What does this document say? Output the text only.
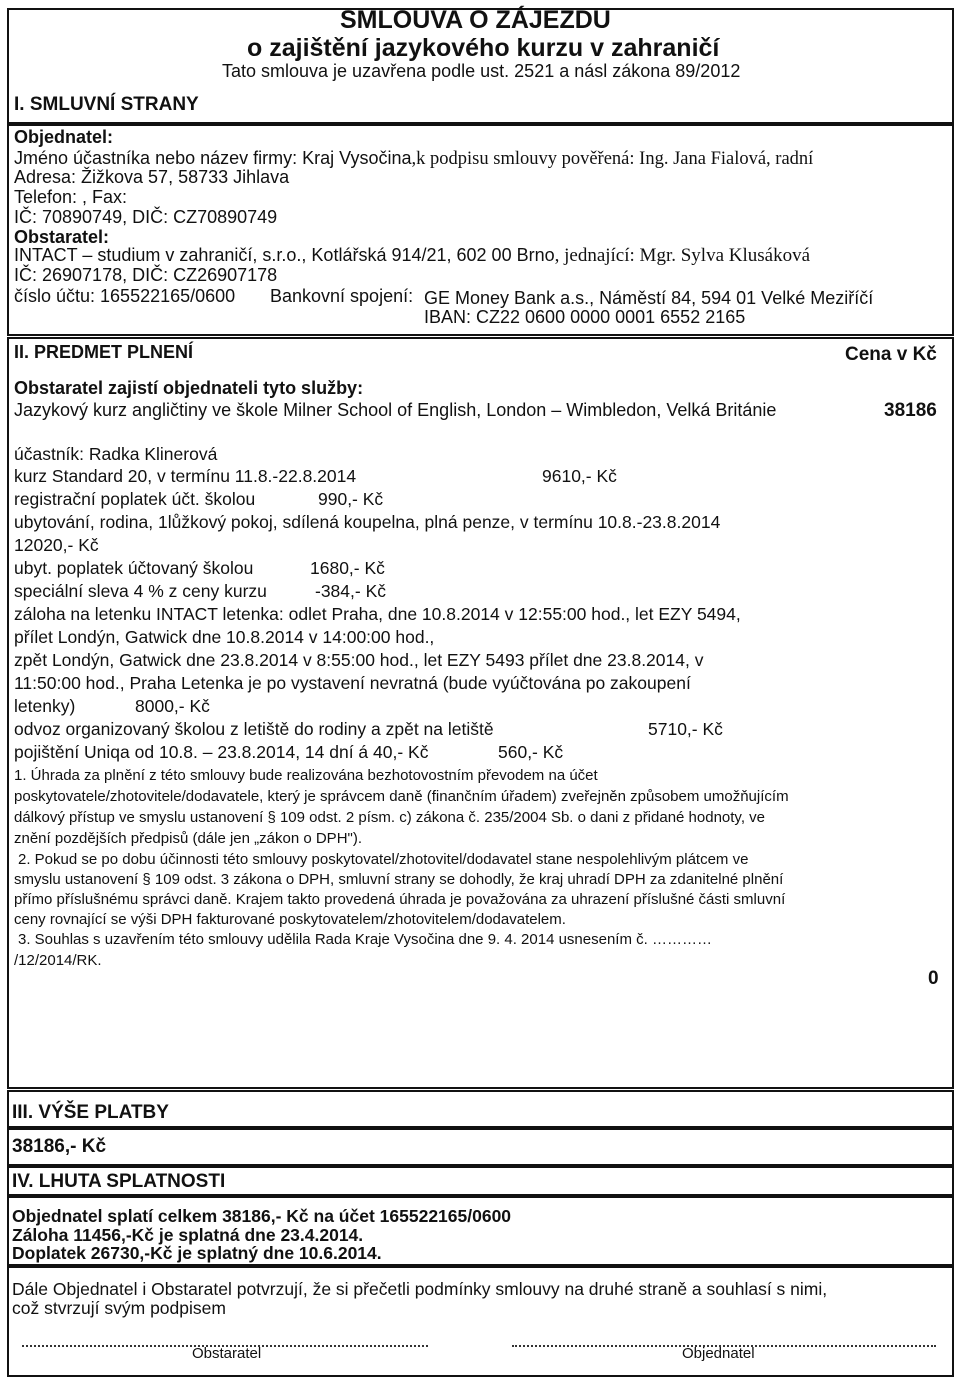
SMLOUVA O ZÁJEZDU
o zajištění jazykového kurzu v zahraničí
Tato smlouva je uzavřena podle ust. 2521 a násl zákona 89/2012
I. SMLUVNÍ STRANY
Objednatel:
Jméno účastníka nebo název firmy: Kraj Vysočina,k podpisu smlouvy pověřená: Ing. Jana Fialová, radní
Adresa: Žižkova 57, 58733 Jihlava
Telefon: , Fax:
IČ: 70890749, DIČ: CZ70890749
Obstaratel:
INTACT – studium v zahraničí, s.r.o., Kotlářská 914/21, 602 00 Brno, jednající: Mgr. Sylva Klusáková
IČ: 26907178, DIČ: CZ26907178
číslo účtu: 165522165/0600 Bankovní spojení: GE Money Bank a.s., Náměstí 84, 594 01 Velké Meziříčí
IBAN: CZ22 0600 0000 0001 6552 2165
II. PREDMET PLNENÍ	Cena v Kč
Obstaratel zajistí objednateli tyto služby:
Jazykový kurz angličtiny ve škole Milner School of English, London – Wimbledon, Velká Británie	38186
účastník: Radka Klinerová
kurz Standard 20, v termínu 11.8.-22.8.2014	9610,- Kč
registrační poplatek účt. školou	990,- Kč
ubytování, rodina, 1lůžkový pokoj, sdílená koupelna, plná penze, v termínu 10.8.-23.8.2014
12020,- Kč
ubyt. poplatek účtovaný školou	1680,- Kč
speciální sleva 4 % z ceny kurzu	-384,- Kč
záloha na letenku INTACT letenka: odlet Praha, dne 10.8.2014 v 12:55:00 hod., let EZY 5494,
přílet Londýn, Gatwick dne 10.8.2014 v 14:00:00 hod.,
zpět Londýn, Gatwick dne 23.8.2014 v 8:55:00 hod., let EZY 5493 přílet dne 23.8.2014, v
11:50:00 hod., Praha Letenka je po vystavení nevratná (bude vyúčtována po zakoupení
letenky)	8000,- Kč
odvoz organizovaný školou z letiště do rodiny a zpět na letiště	5710,- Kč
pojištění Uniqa od 10.8. – 23.8.2014, 14 dní á 40,- Kč	560,- Kč
1. Úhrada za plnění z této smlouvy bude realizována bezhotovostním převodem na účet
poskytovatele/zhotovitele/dodavatele, který je správcem daně (finančním úřadem) zveřejněn způsobem umožňujícím
dálkový přístup ve smyslu ustanovení § 109 odst. 2 písm. c) zákona č. 235/2004 Sb. o dani z přidané hodnoty, ve
znění pozdějších předpisů (dále jen „zákon o DPH").
2. Pokud se po dobu účinnosti této smlouvy poskytovatel/zhotovitel/dodavatel stane nespolehlivým plátcem ve
smyslu ustanovení § 109 odst. 3 zákona o DPH, smluvní strany se dohodly, že kraj uhradí DPH za zdanitelné plnění
přímo příslušnému správci daně. Krajem takto provedená úhrada je považována za uhrazení příslušné části smluvní
ceny rovnající se výši DPH fakturované poskytovatelem/zhotovitelem/dodavatelem.
3. Souhlas s uzavřením této smlouvy udělila Rada Kraje Vysočina dne 9. 4. 2014 usnesením č. …………
/12/2014/RK.
0
III. VÝŠE PLATBY
38186,- Kč
IV. LHUTA SPLATNOSTI
Objednatel splatí celkem 38186,- Kč na účet 165522165/0600
Záloha 11456,-Kč je splatná dne 23.4.2014.
Doplatek 26730,-Kč je splatný dne 10.6.2014.
Dále Objednatel i Obstaratel potvrzují, že si přečetli podmínky smlouvy na druhé straně a souhlasí s nimi,
což stvrzují svým podpisem
Obstaratel	Objednatel
